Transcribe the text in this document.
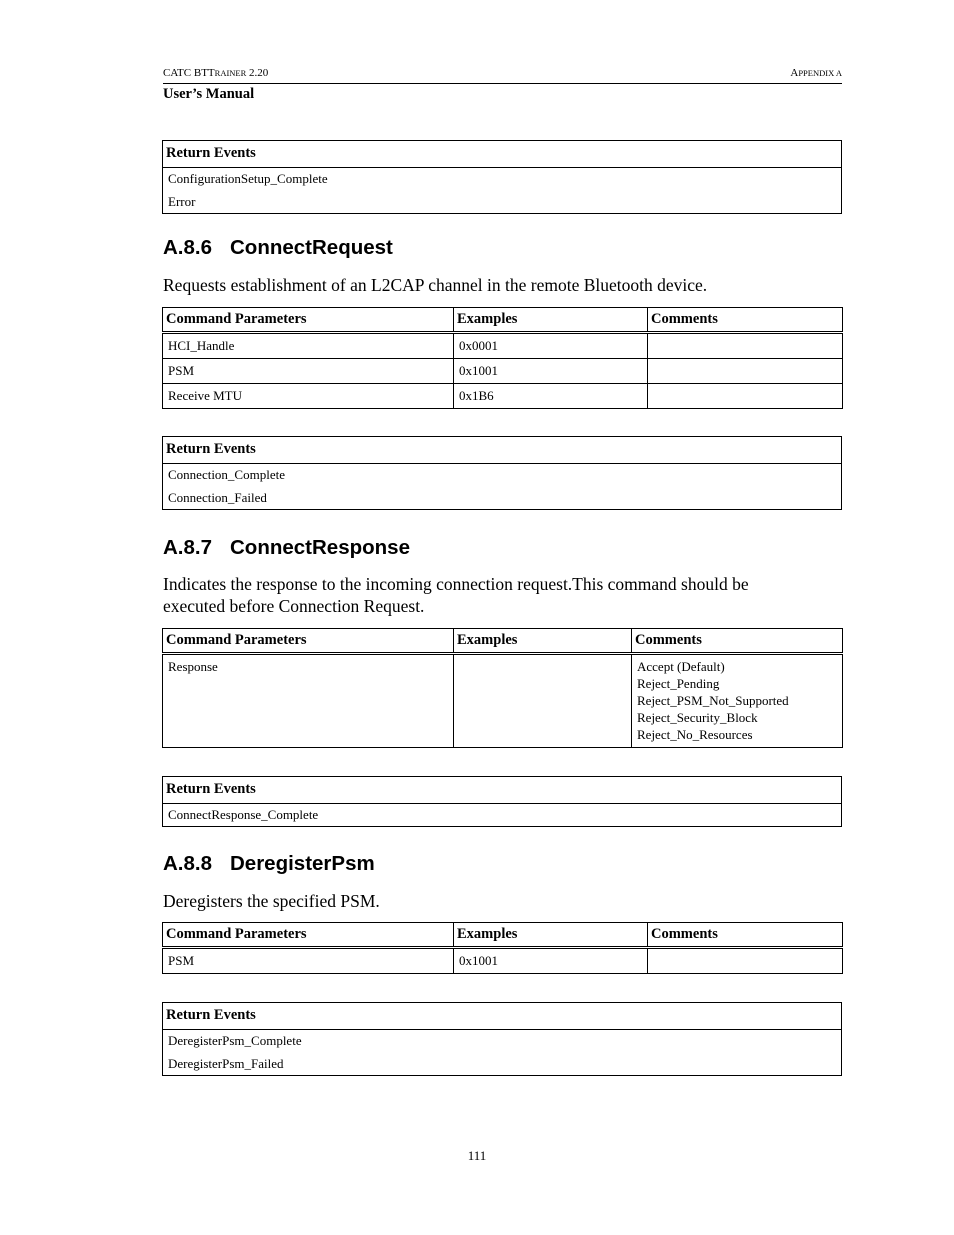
CATC BTTRAINER 2.20	APPENDIX A
User’s Manual
Return Events
ConfigurationSetup_Complete
Error
A.8.6 ConnectRequest
Requests establishment of an L2CAP channel in the remote Bluetooth device.
Command Parameters	Examples	Comments
HCI_Handle	0x0001	
PSM	0x1001	
Receive MTU	0x1B6	
Return Events
Connection_Complete
Connection_Failed
A.8.7 ConnectResponse
Indicates the response to the incoming connection request.This command should be executed before Connection Request.
Command Parameters	Examples	Comments
Response		Accept (Default)
Reject_Pending
Reject_PSM_Not_Supported
Reject_Security_Block
Reject_No_Resources
Return Events
ConnectResponse_Complete
A.8.8 DeregisterPsm
Deregisters the specified PSM.
Command Parameters	Examples	Comments
PSM	0x1001	
Return Events
DeregisterPsm_Complete
DeregisterPsm_Failed
111
